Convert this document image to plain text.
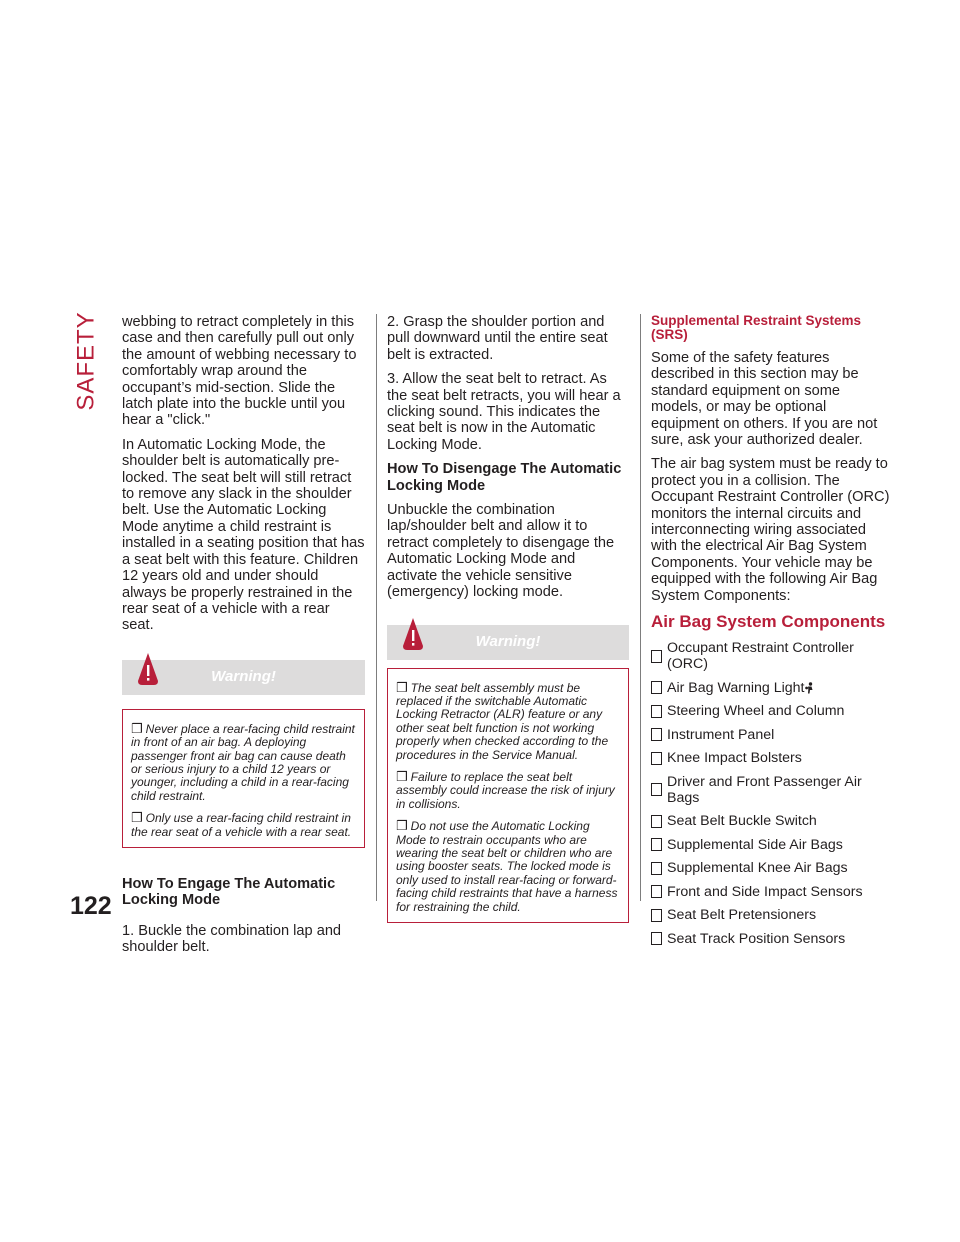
SAFETY
122

webbing to retract completely in this case and then carefully pull out only the amount of webbing necessary to comfortably wrap around the occupant’s mid-section. Slide the latch plate into the buckle until you hear a "click."

In Automatic Locking Mode, the shoulder belt is automatically pre-locked. The seat belt will still retract to remove any slack in the shoulder belt. Use the Automatic Locking Mode anytime a child restraint is installed in a seating position that has a seat belt with this feature. Children 12 years old and under should always be properly restrained in the rear seat of a vehicle with a rear seat.

Warning!

❒ Never place a rear-facing child restraint in front of an air bag. A deploying passenger front air bag can cause death or serious injury to a child 12 years or younger, including a child in a rear-facing child restraint.

❒ Only use a rear-facing child restraint in the rear seat of a vehicle with a rear seat.

How To Engage The Automatic Locking Mode

1. Buckle the combination lap and shoulder belt.

2. Grasp the shoulder portion and pull downward until the entire seat belt is extracted.

3. Allow the seat belt to retract. As the seat belt retracts, you will hear a clicking sound. This indicates the seat belt is now in the Automatic Locking Mode.

How To Disengage The Automatic Locking Mode

Unbuckle the combination lap/shoulder belt and allow it to retract completely to disengage the Automatic Locking Mode and activate the vehicle sensitive (emergency) locking mode.

Warning!

❒ The seat belt assembly must be replaced if the switchable Automatic Locking Retractor (ALR) feature or any other seat belt function is not working properly when checked according to the procedures in the Service Manual.

❒ Failure to replace the seat belt assembly could increase the risk of injury in collisions.

❒ Do not use the Automatic Locking Mode to restrain occupants who are wearing the seat belt or children who are using booster seats. The locked mode is only used to install rear-facing or forward-facing child restraints that have a harness for restraining the child.

Supplemental Restraint Systems (SRS)

Some of the safety features described in this section may be standard equipment on some models, or may be optional equipment on others. If you are not sure, ask your authorized dealer.

The air bag system must be ready to protect you in a collision. The Occupant Restraint Controller (ORC) monitors the internal circuits and interconnecting wiring associated with the electrical Air Bag System Components. Your vehicle may be equipped with the following Air Bag System Components:

Air Bag System Components

Occupant Restraint Controller (ORC)
Air Bag Warning Light
Steering Wheel and Column
Instrument Panel
Knee Impact Bolsters
Driver and Front Passenger Air Bags
Seat Belt Buckle Switch
Supplemental Side Air Bags
Supplemental Knee Air Bags
Front and Side Impact Sensors
Seat Belt Pretensioners
Seat Track Position Sensors
